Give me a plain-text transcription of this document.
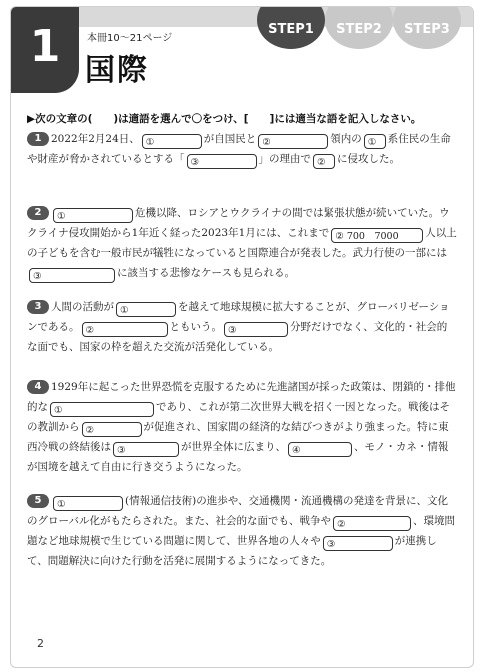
STEP1	STEP2	STEP3
1	本冊10〜21ページ
国際
▶次の文章の(　　)は適語を選んで〇をつけ、[　　]には適当な語を記入しなさい。
1 2022年2月24日、 ①	が自国民と ②	領内の ① 系住民の生命や財産が脅かされているとする「 ③	」の理由で ② に侵攻した。
2 ①	危機以降、ロシアとウクライナの間では緊張状態が続いていた。ウクライナ侵攻開始から1年近く経った2023年1月には、これまで ② 700　7000	人以上の子どもを含む一般市民が犠牲になっていると国際連合が発表した。武力行使の一部には③	に該当する悲惨なケースも見られる。
3 人間の活動が ①	を越えて地球規模に拡大することが、グローバリゼーションである。 ②	ともいう。 ③	分野だけでなく、文化的・社会的な面でも、国家の枠を超えた交流が活発化している。
4 1929年に起こった世界恐慌を克服するために先進諸国が採った政策は、閉鎖的・排他的な ①	であり、これが第二次世界大戦を招く一因となった。戦後はその教訓から ②	が促進され、国家間の経済的な結びつきがより強まった。特に東西冷戦の終結後は ③	が世界全体に広まり、 ④	、モノ・カネ・情報が国境を越えて自由に行き交うようになった。
5 ①	(情報通信技術)の進歩や、交通機関・流通機構の発達を背景に、文化のグローバル化がもたらされた。また、社会的な面でも、戦争や ②	、環境問題など地球規模で生じている問題に関して、世界各地の人々や ③	が連携して、問題解決に向けた行動を活発に展開するようになってきた。
2
